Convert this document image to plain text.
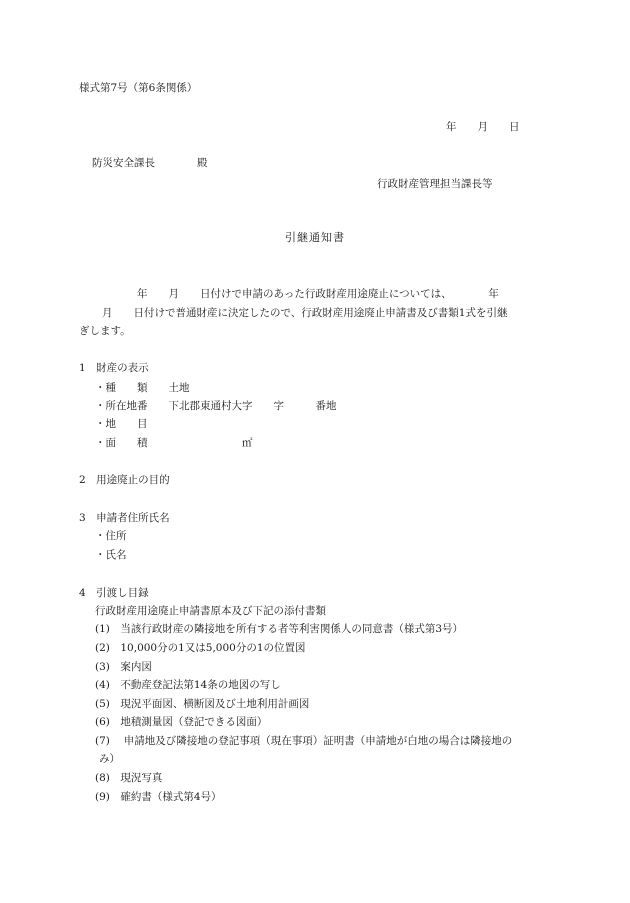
様式第7号（第6条関係）
年　　月　　日
防災安全課長　　　　殿
行政財産管理担当課長等
引継通知書
年　　月　　日付けで申請のあった行政財産用途廃止については、　　　　年
月　　日付けで普通財産に決定したので、行政財産用途廃止申請書及び書類1式を引継
ぎします。
1　財産の表示
・種　　類　　土地
・所在地番　　下北郡東通村大字　　字　　　番地
・地　　目
・面　　積　　　　　　　　　㎡
2　用途廃止の目的
3　申請者住所氏名
・住所
・氏名
4　引渡し目録
行政財産用途廃止申請書原本及び下記の添付書類
(1)　当該行政財産の隣接地を所有する者等利害関係人の同意書（様式第3号）
(2)　10,000分の1又は5,000分の1の位置図
(3)　案内図
(4)　不動産登記法第14条の地図の写し
(5)　現況平面図、横断図及び土地利用計画図
(6)　地積測量図（登記できる図面）
(7)　 申請地及び隣接地の登記事項（現在事項）証明書（申請地が白地の場合は隣接地の
み）
(8)　現況写真
(9)　確約書（様式第4号）
